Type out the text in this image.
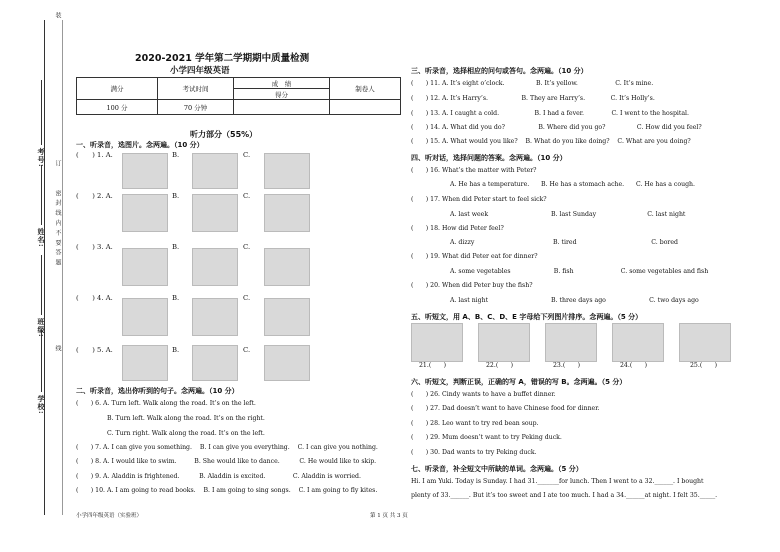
学校:
班级:
姓名:
考号:
密 封 线 内 不 要 答 题
装
订
线
2020-2021 学年第二学期期中质量检测
小学四年级英语
满分	考试时间	成　绩	制卷人
		得分	
100 分	70 分钟		
听力部分（55%）
一、听录音，选图片。念两遍。（10 分）
(　　) 1. A.	B.	C.
(　　) 2. A.	B.	C.
(　　) 3. A.	B.	C.
(　　) 4. A.	B.	C.
(　　) 5. A.	B.	C.
二、听录音，选出你听到的句子。念两遍。（10 分）
(　　) 6. A. Turn left. Walk along the road. It’s on the left.
B. Turn left. Walk along the road. It’s on the right.
C. Turn right. Walk along the road. It’s on the left.
(　　) 7. A. I can give you something.    B. I can give you everything.    C. I can give you nothing.
(　　) 8. A. I would like to swim.         B. She would like to dance.          C. He would like to skip.
(　　) 9. A. Aladdin is frightened.          B. Aladdin is excited.              C. Aladdin is worried.
(　　) 10. A. I am going to read books.    B. I am going to sing songs.    C. I am going to fly kites.
三、听录音，选择相应的问句或答句。念两遍。（10 分）
(　　) 11. A. It’s eight o’clock.                B. It’s yellow.                   C. It’s mine.
(　　) 12. A. It’s Harry’s.                 B. They are Harry’s.             C. It’s Holly’s.
(　　) 13. A. I caught a cold.                  B. I had a fever.              C. I went to the hospital.
(　　) 14. A. What did you do?                 B. Where did you go?                C. How did you feel?
(　　) 15. A. What would you like?    B. What do you like doing?    C. What are you doing?
四、听对话，选择问题的答案。念两遍。（10 分）
(　　) 16. What’s the matter with Peter?
A. He has a temperature.      B. He has a stomach ache.      C. He has a cough.
(　　) 17. When did Peter start to feel sick?
A. last week                                B. last Sunday                          C. last night
(　　) 18. How did Peter feel?
A. dizzy                                        B. tired                                      C. bored
(　　) 19. What did Peter eat for dinner?
A. some vegetables                      B. fish                        C. some vegetables and fish
(　　) 20. When did Peter buy the fish?
A. last night                                B. three days ago                      C. two days ago
五、听短文，用 A、B、C、D、E 字母给下列图片排序。念两遍。（5 分）
21.(　　)	22.(　　)	23.(　　)	24.(　　)	25.(　　)
六、听短文，判断正误，正确的写 A，错误的写 B。念两遍。（5 分）
(　　) 26. Cindy wants to have a buffet dinner.
(　　) 27. Dad doesn’t want to have Chinese food for dinner.
(　　) 28. Leo want to try red bean soup.
(　　) 29. Mum doesn’t want to try Peking duck.
(　　) 30. Dad wants to try Peking duck.
七、听录音，补全短文中所缺的单词。念两遍。（5 分）
Hi. I am Yuki. Today is Sunday. I had 31._______for lunch. Then I went to a 32.______. I bought
plenty of 33.______. But it’s too sweet and I ate too much. I had a 34.______at night. I felt 35._____.
小学四年级英语（实验班）	第 1 页 共 3 页
